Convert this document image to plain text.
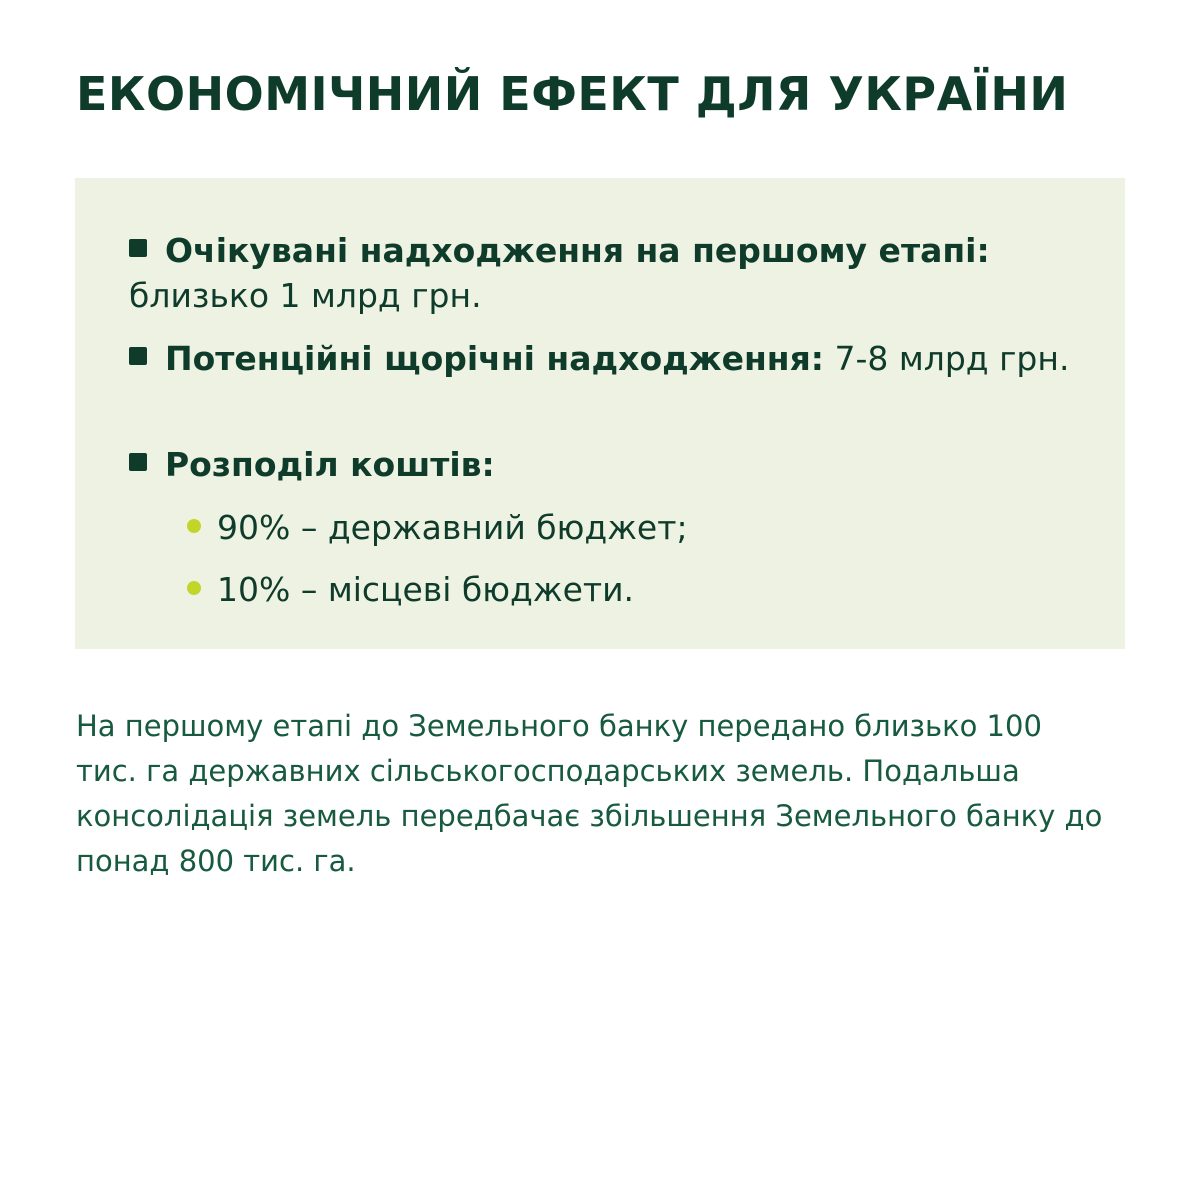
ЕКОНОМІЧНИЙ ЕФЕКТ ДЛЯ УКРАЇНИ
Очікувані надходження на першому етапі: близько 1 млрд грн.
Потенційні щорічні надходження: 7-8 млрд грн.
Розподіл коштів:
90% – державний бюджет;
10% – місцеві бюджети.

На першому етапі до Земельного банку передано близько 100 тис. га державних сільськогосподарських земель. Подальша консолідація земель передбачає збільшення Земельного банку до понад 800 тис. га.
